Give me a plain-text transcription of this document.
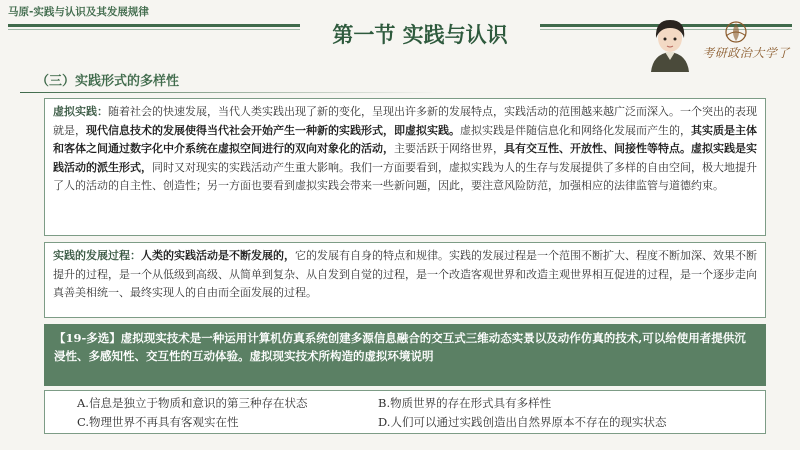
马原-实践与认识及其发展规律
第一节 实践与认识
考研政治大学了
（三）实践形式的多样性
虚拟实践：随着社会的快速发展，当代人类实践出现了新的变化，呈现出许多新的发展特点，实践活动的范围越来越广泛而深入。一个突出的表现就是，现代信息技术的发展使得当代社会开始产生一种新的实践形式，即虚拟实践。虚拟实践是伴随信息化和网络化发展而产生的，其实质是主体和客体之间通过数字化中介系统在虚拟空间进行的双向对象化的活动，主要活跃于网络世界，具有交互性、开放性、间接性等特点。虚拟实践是实践活动的派生形式，同时又对现实的实践活动产生重大影响。我们一方面要看到，虚拟实践为人的生存与发展提供了多样的自由空间，极大地提升了人的活动的自主性、创造性；另一方面也要看到虚拟实践会带来一些新问题，因此，要注意风险防范，加强相应的法律监管与道德约束。
实践的发展过程：人类的实践活动是不断发展的，它的发展有自身的特点和规律。实践的发展过程是一个范围不断扩大、程度不断加深、效果不断提升的过程，是一个从低级到高级、从简单到复杂、从自发到自觉的过程，是一个改造客观世界和改造主观世界相互促进的过程，是一个逐步走向真善美相统一、最终实现人的自由而全面发展的过程。
【19-多选】虚拟现实技术是一种运用计算机仿真系统创建多源信息融合的交互式三维动态实景以及动作仿真的技术,可以给使用者提供沉浸性、多感知性、交互性的互动体验。虚拟现实技术所构造的虚拟环境说明
A.信息是独立于物质和意识的第三种存在状态	B.物质世界的存在形式具有多样性
C.物理世界不再具有客观实在性	D.人们可以通过实践创造出自然界原本不存在的现实状态
